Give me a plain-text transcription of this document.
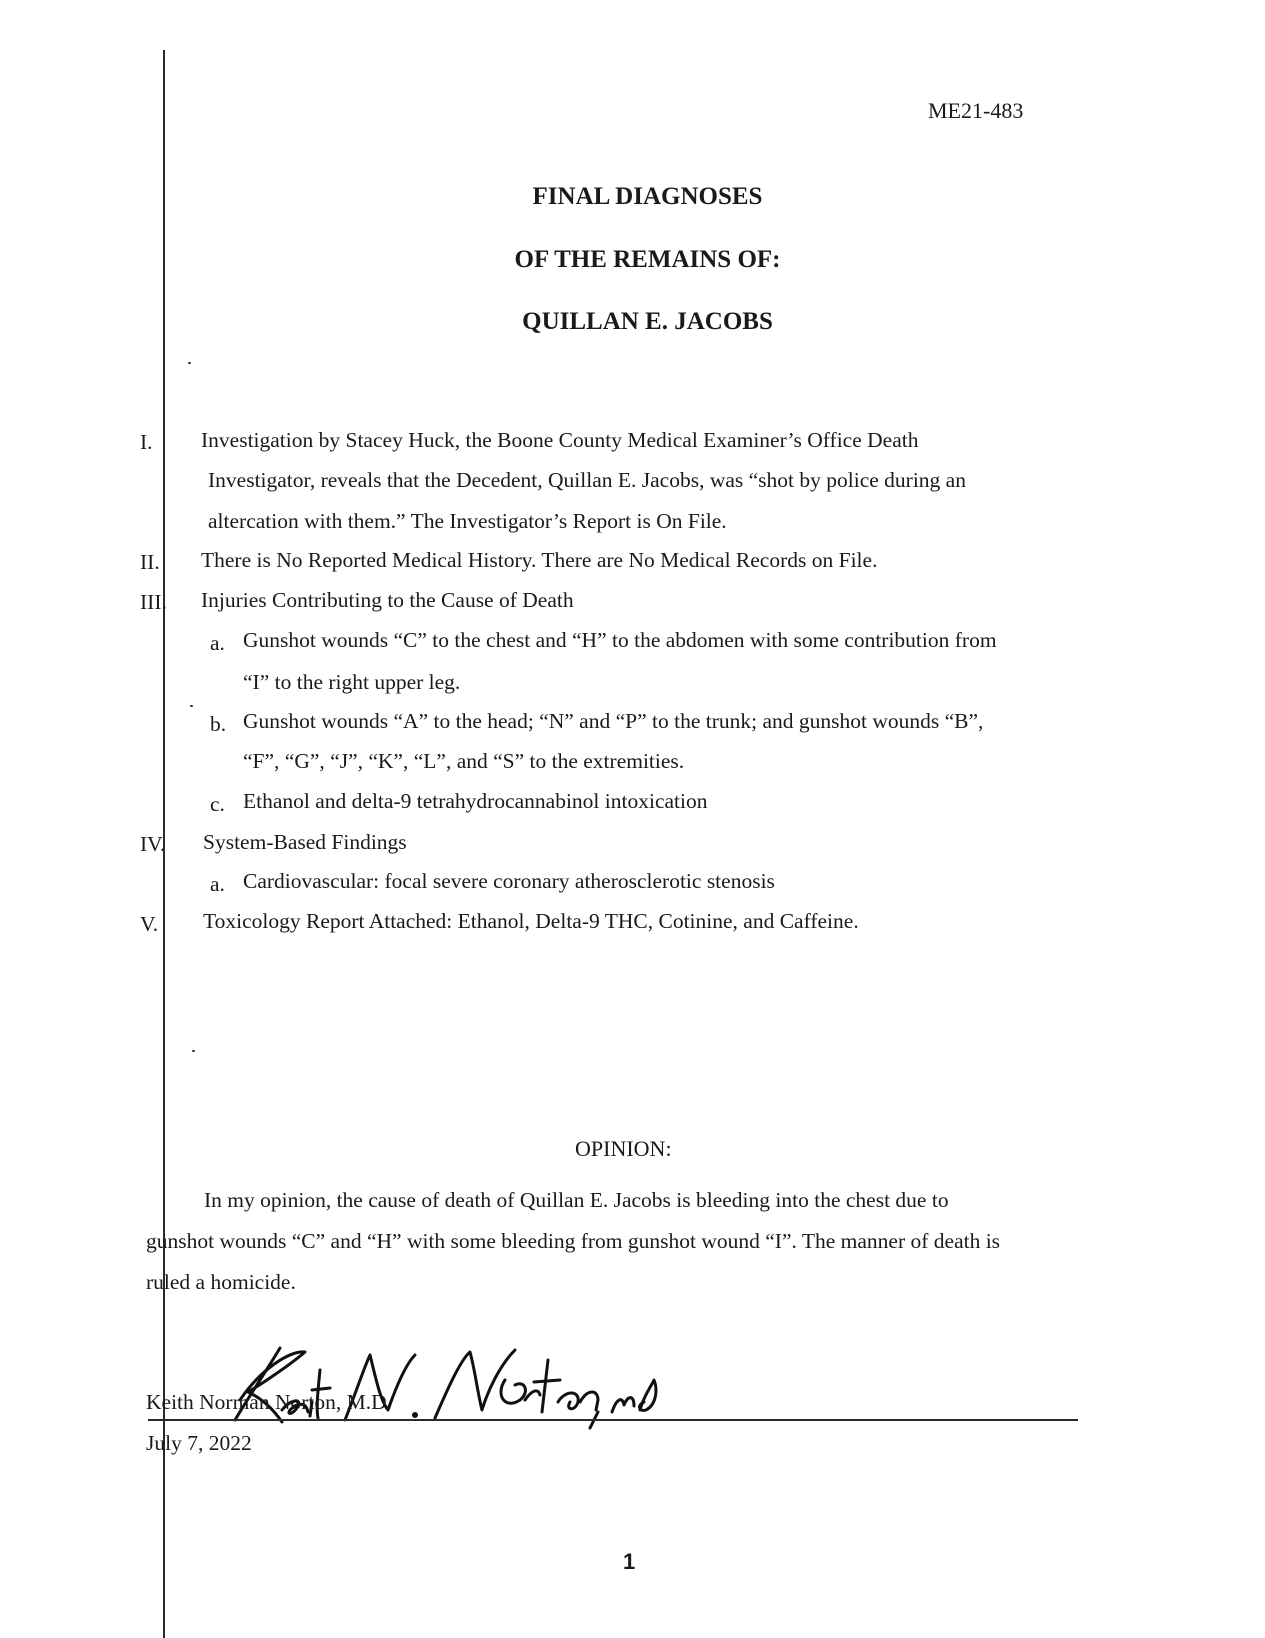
ME21-483
FINAL DIAGNOSES
OF THE REMAINS OF:
QUILLAN E. JACOBS
I. Investigation by Stacey Huck, the Boone County Medical Examiner’s Office Death
Investigator, reveals that the Decedent, Quillan E. Jacobs, was “shot by police during an
altercation with them.” The Investigator’s Report is On File.
II. There is No Reported Medical History. There are No Medical Records on File.
III. Injuries Contributing to the Cause of Death
a. Gunshot wounds “C” to the chest and “H” to the abdomen with some contribution from
“I” to the right upper leg.
b. Gunshot wounds “A” to the head; “N” and “P” to the trunk; and gunshot wounds “B”,
“F”, “G”, “J”, “K”, “L”, and “S” to the extremities.
c. Ethanol and delta-9 tetrahydrocannabinol intoxication
IV. System-Based Findings
a. Cardiovascular: focal severe coronary atherosclerotic stenosis
V. Toxicology Report Attached: Ethanol, Delta-9 THC, Cotinine, and Caffeine.
OPINION:
In my opinion, the cause of death of Quillan E. Jacobs is bleeding into the chest due to
gunshot wounds “C” and “H” with some bleeding from gunshot wound “I”. The manner of death is
ruled a homicide.
Keith Norman Norton, M.D.
July 7, 2022
1
